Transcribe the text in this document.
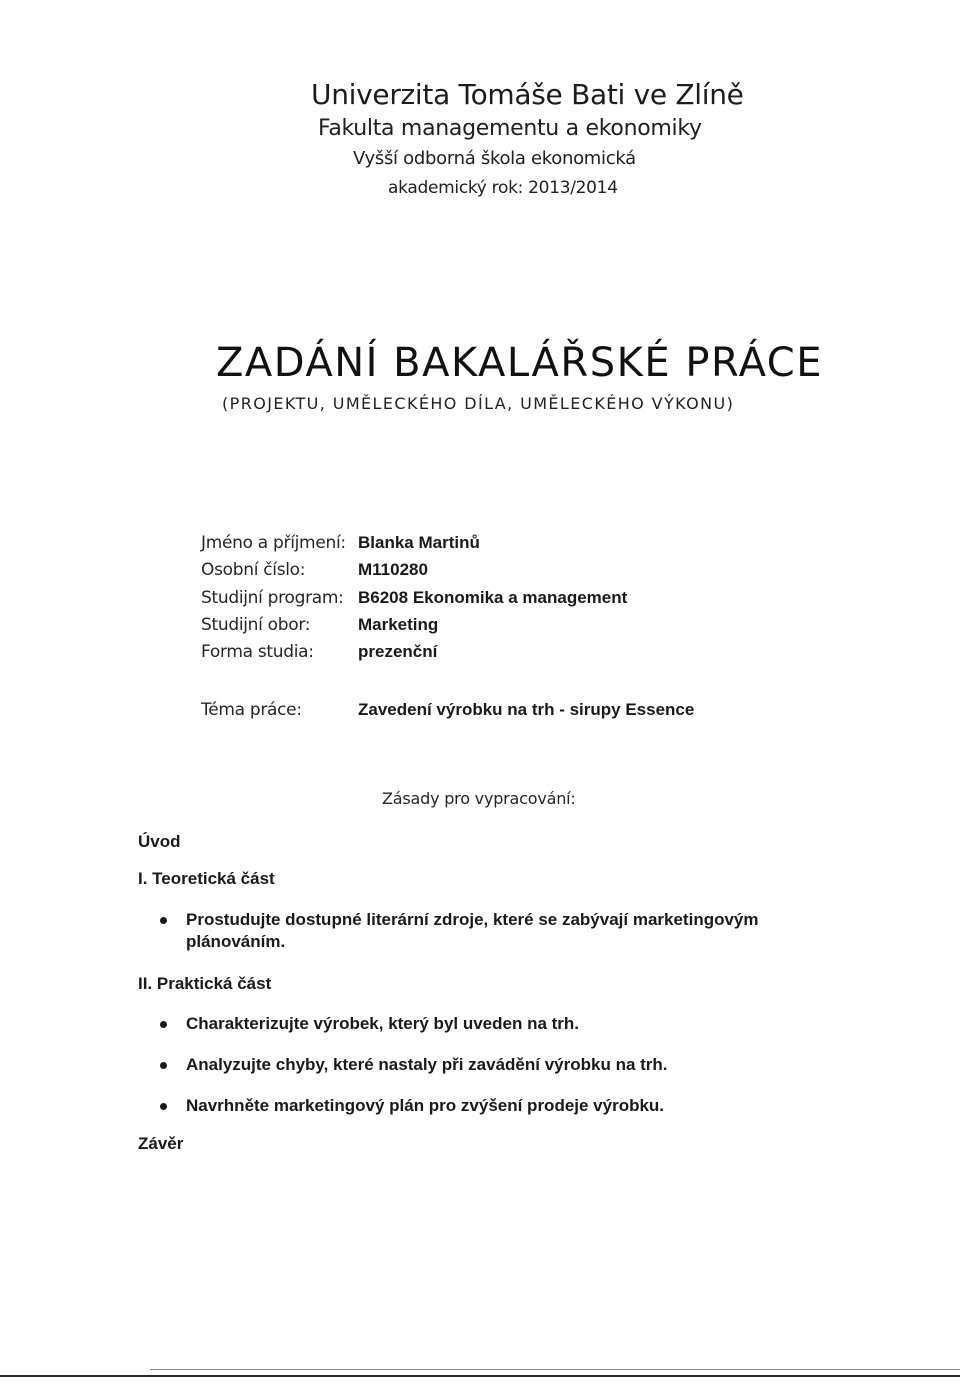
Univerzita Tomáše Bati ve Zlíně
Fakulta managementu a ekonomiky
Vyšší odborná škola ekonomická
akademický rok: 2013/2014
ZADÁNÍ BAKALÁŘSKÉ PRÁCE
(PROJEKTU, UMĚLECKÉHO DÍLA, UMĚLECKÉHO VÝKONU)
Jméno a příjmení: Blanka Martinů
Osobní číslo:	M110280
Studijní program: B6208 Ekonomika a management
Studijní obor:	Marketing
Forma studia:	prezenční
Téma práce:	Zavedení výrobku na trh - sirupy Essence
Zásady pro vypracování:
Úvod
I. Teoretická část
Prostudujte dostupné literární zdroje, které se zabývají marketingovým plánováním.
II. Praktická část
Charakterizujte výrobek, který byl uveden na trh.
Analyzujte chyby, které nastaly při zavádění výrobku na trh.
Navrhněte marketingový plán pro zvýšení prodeje výrobku.
Závěr
